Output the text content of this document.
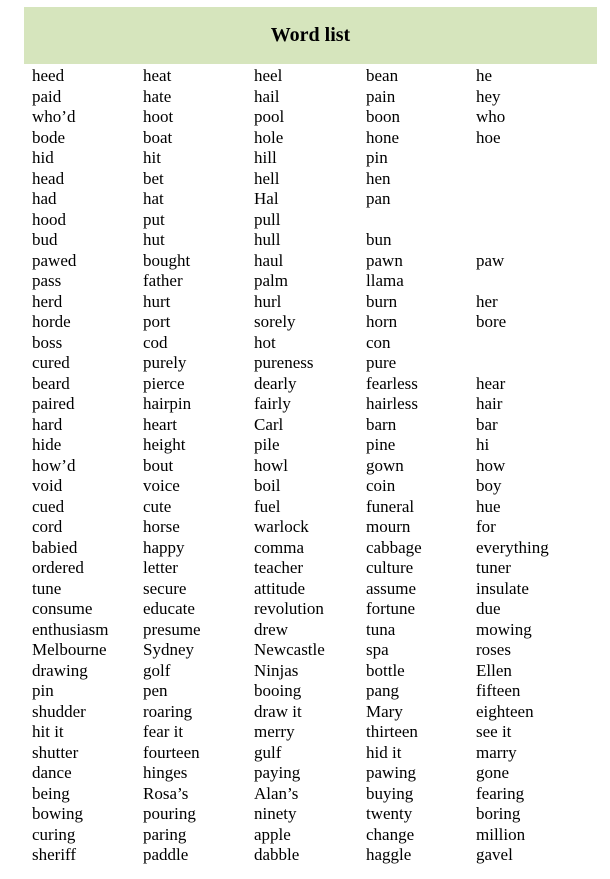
Word list
heed	heat	heel	bean	he
paid	hate	hail	pain	hey
who’d	hoot	pool	boon	who
bode	boat	hole	hone	hoe
hid	hit	hill	pin	
head	bet	hell	hen	
had	hat	Hal	pan	
hood	put	pull		
bud	hut	hull	bun	
pawed	bought	haul	pawn	paw
pass	father	palm	llama	
herd	hurt	hurl	burn	her
horde	port	sorely	horn	bore
boss	cod	hot	con	
cured	purely	pureness	pure	
beard	pierce	dearly	fearless	hear
paired	hairpin	fairly	hairless	hair
hard	heart	Carl	barn	bar
hide	height	pile	pine	hi
how’d	bout	howl	gown	how
void	voice	boil	coin	boy
cued	cute	fuel	funeral	hue
cord	horse	warlock	mourn	for
babied	happy	comma	cabbage	everything
ordered	letter	teacher	culture	tuner
tune	secure	attitude	assume	insulate
consume	educate	revolution	fortune	due
enthusiasm	presume	drew	tuna	mowing
Melbourne	Sydney	Newcastle	spa	roses
drawing	golf	Ninjas	bottle	Ellen
pin	pen	booing	pang	fifteen
shudder	roaring	draw it	Mary	eighteen
hit it	fear it	merry	thirteen	see it
shutter	fourteen	gulf	hid it	marry
dance	hinges	paying	pawing	gone
being	Rosa’s	Alan’s	buying	fearing
bowing	pouring	ninety	twenty	boring
curing	paring	apple	change	million
sheriff	paddle	dabble	haggle	gavel
